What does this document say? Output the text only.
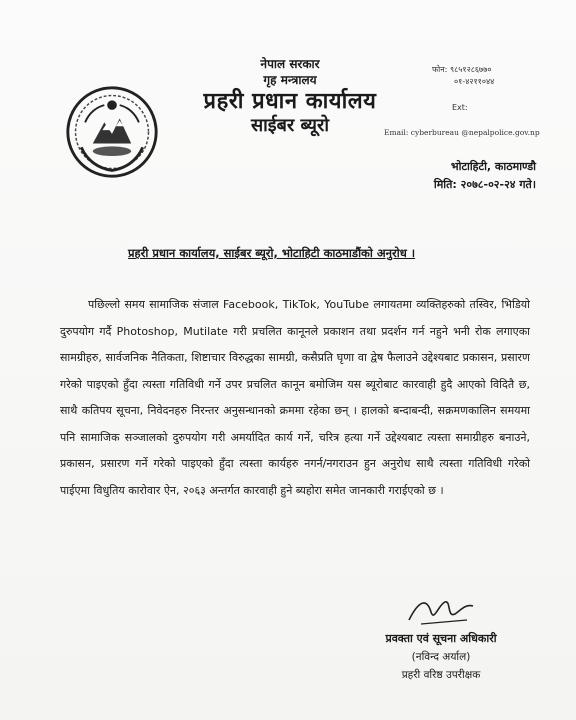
नेपाल सरकार
गृह मन्त्रालय
प्रहरी प्रधान कार्यालय
साईबर ब्यूरो
फोन: ९८५१२८६७७०
०१-४२११०४४
Ext:
Email: cyberbureau @nepalpolice.gov.np
भोटाहिटी, काठमाण्डौ
मिति: २०७८-०२-२४ गते।
प्रहरी प्रधान कार्यालय, साईबर ब्यूरो, भोटाहिटी काठमाडौंको अनुरोध ।

पछिल्लो समय सामाजिक संजाल Facebook, TikTok, YouTube लगायतमा व्यक्तिहरुको तस्विर, भिडियो दुरुपयोग गर्दै Photoshop, Mutilate गरी प्रचलित कानूनले प्रकाशन तथा प्रदर्शन गर्न नहुने भनी रोक लगाएका सामग्रीहरु, सार्वजनिक नैतिकता, शिष्टाचार विरुद्धका सामग्री, कसैप्रति घृणा वा द्वेष फैलाउने उद्देश्यबाट प्रकासन, प्रसारण गरेको पाइएको हुँदा त्यस्ता गतिविधी गर्ने उपर प्रचलित कानून बमोजिम यस ब्यूरोबाट कारवाही हुदै आएको विदितै छ, साथै कतिपय सूचना, निवेदनहरु निरन्तर अनुसन्धानको क्रममा रहेका छन् । हालको बन्दाबन्दी, सक्रमणकालिन समयमा पनि सामाजिक सञ्जालको दुरुपयोग गरी अमर्यादित कार्य गर्ने, चरित्र हत्या गर्ने उद्देश्यबाट त्यस्ता समाग्रीहरु बनाउने, प्रकासन, प्रसारण गर्ने गरेको पाइएको हुँदा त्यस्ता कार्यहरु नगर्न/नगराउन हुन अनुरोध साथै त्यस्ता गतिविधी गरेको पाईएमा विधुतिय कारोवार ऐन, २०६३ अन्तर्गत कारवाही हुने ब्यहोरा समेत जानकारी गराईएको छ ।

प्रवक्ता एवं सूचना अधिकारी
(नविन्द अर्याल)
प्रहरी वरिष्ठ उपरीक्षक
